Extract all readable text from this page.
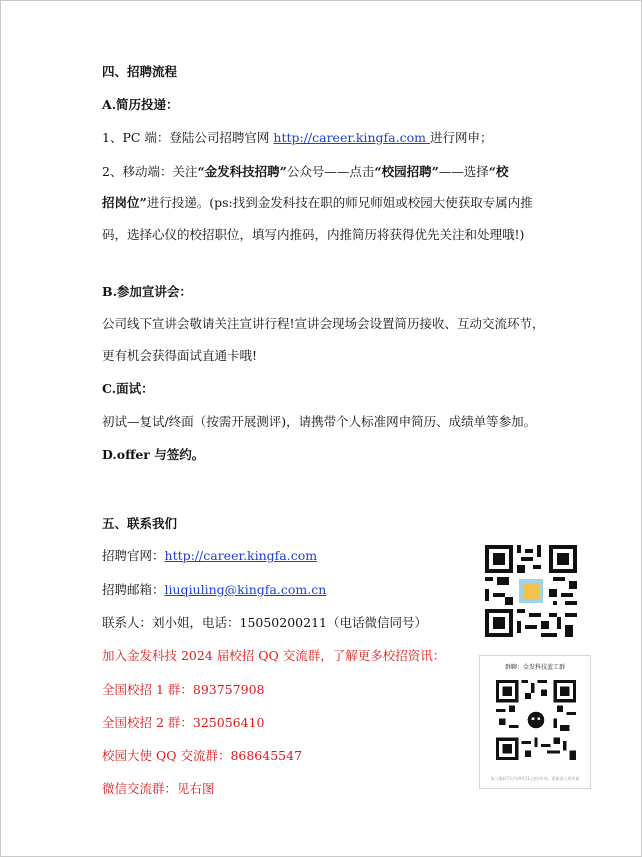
四、招聘流程
A.简历投递：
1、PC 端：登陆公司招聘官网 http://career.kingfa.com 进行网申；
2、移动端：关注“金发科技招聘”公众号——点击“校园招聘”——选择“校
招岗位”进行投递。(ps:找到金发科技在职的师兄师姐或校园大使获取专属内推
码，选择心仪的校招职位，填写内推码，内推简历将获得优先关注和处理哦!)
B.参加宣讲会：
公司线下宣讲会敬请关注宣讲行程!宣讲会现场会设置简历接收、互动交流环节，
更有机会获得面试直通卡哦!
C.面试：
初试—复试/终面（按需开展测评)，请携带个人标准网申简历、成绩单等参加。
D.offer 与签约。
五、联系我们
招聘官网：http://career.kingfa.com
招聘邮箱：liuqiuling@kingfa.com.cn
联系人：刘小姐，电话：15050200211（电话微信同号）
加入金发科技 2024 届校招 QQ 交流群，了解更多校招资讯：
全国校招 1 群：893757908
全国校招 2 群：325056410
校园大使 QQ 交流群：868645547
微信交流群：见右图
群聊：金发科技蓝工群
该二维码7天内(9月11日前)有效，重新进入将更新
